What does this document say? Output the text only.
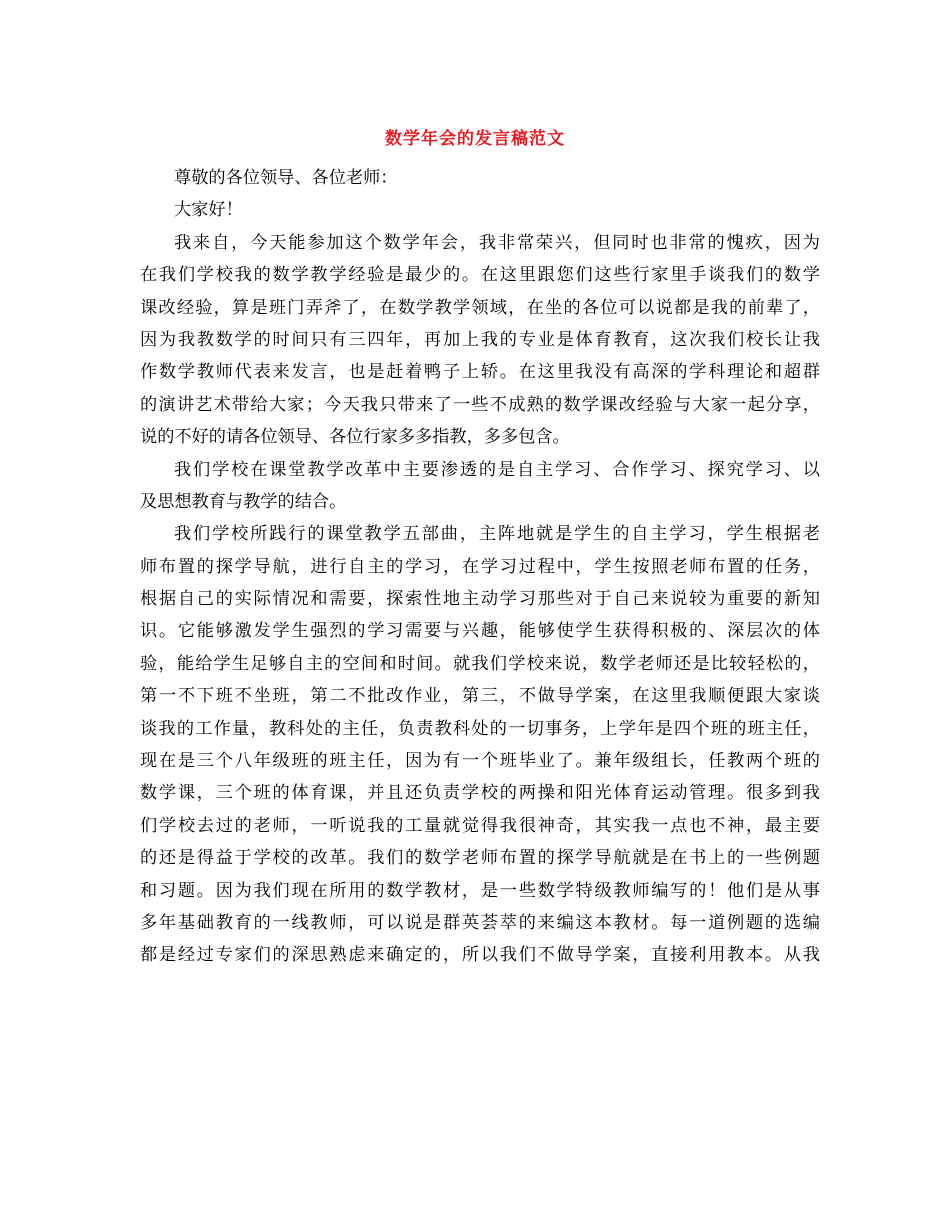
数学年会的发言稿范文
尊敬的各位领导、各位老师：
大家好！
我来自，今天能参加这个数学年会，我非常荣兴，但同时也非常的愧疚，因为
在我们学校我的数学教学经验是最少的。在这里跟您们这些行家里手谈我们的数学
课改经验，算是班门弄斧了，在数学教学领域，在坐的各位可以说都是我的前辈了，
因为我教数学的时间只有三四年，再加上我的专业是体育教育，这次我们校长让我
作数学教师代表来发言，也是赶着鸭子上轿。在这里我没有高深的学科理论和超群
的演讲艺术带给大家；今天我只带来了一些不成熟的数学课改经验与大家一起分享，
说的不好的请各位领导、各位行家多多指教，多多包含。
我们学校在课堂教学改革中主要渗透的是自主学习、合作学习、探究学习、以
及思想教育与教学的结合。
我们学校所践行的课堂教学五部曲，主阵地就是学生的自主学习，学生根据老
师布置的探学导航，进行自主的学习，在学习过程中，学生按照老师布置的任务，
根据自己的实际情况和需要，探索性地主动学习那些对于自己来说较为重要的新知
识。它能够激发学生强烈的学习需要与兴趣，能够使学生获得积极的、深层次的体
验，能给学生足够自主的空间和时间。就我们学校来说，数学老师还是比较轻松的，
第一不下班不坐班，第二不批改作业，第三，不做导学案，在这里我顺便跟大家谈
谈我的工作量，教科处的主任，负责教科处的一切事务，上学年是四个班的班主任，
现在是三个八年级班的班主任，因为有一个班毕业了。兼年级组长，任教两个班的
数学课，三个班的体育课，并且还负责学校的两操和阳光体育运动管理。很多到我
们学校去过的老师，一听说我的工量就觉得我很神奇，其实我一点也不神，最主要
的还是得益于学校的改革。我们的数学老师布置的探学导航就是在书上的一些例题
和习题。因为我们现在所用的数学教材，是一些数学特级教师编写的！他们是从事
多年基础教育的一线教师，可以说是群英荟萃的来编这本教材。每一道例题的选编
都是经过专家们的深思熟虑来确定的，所以我们不做导学案，直接利用教本。从我
